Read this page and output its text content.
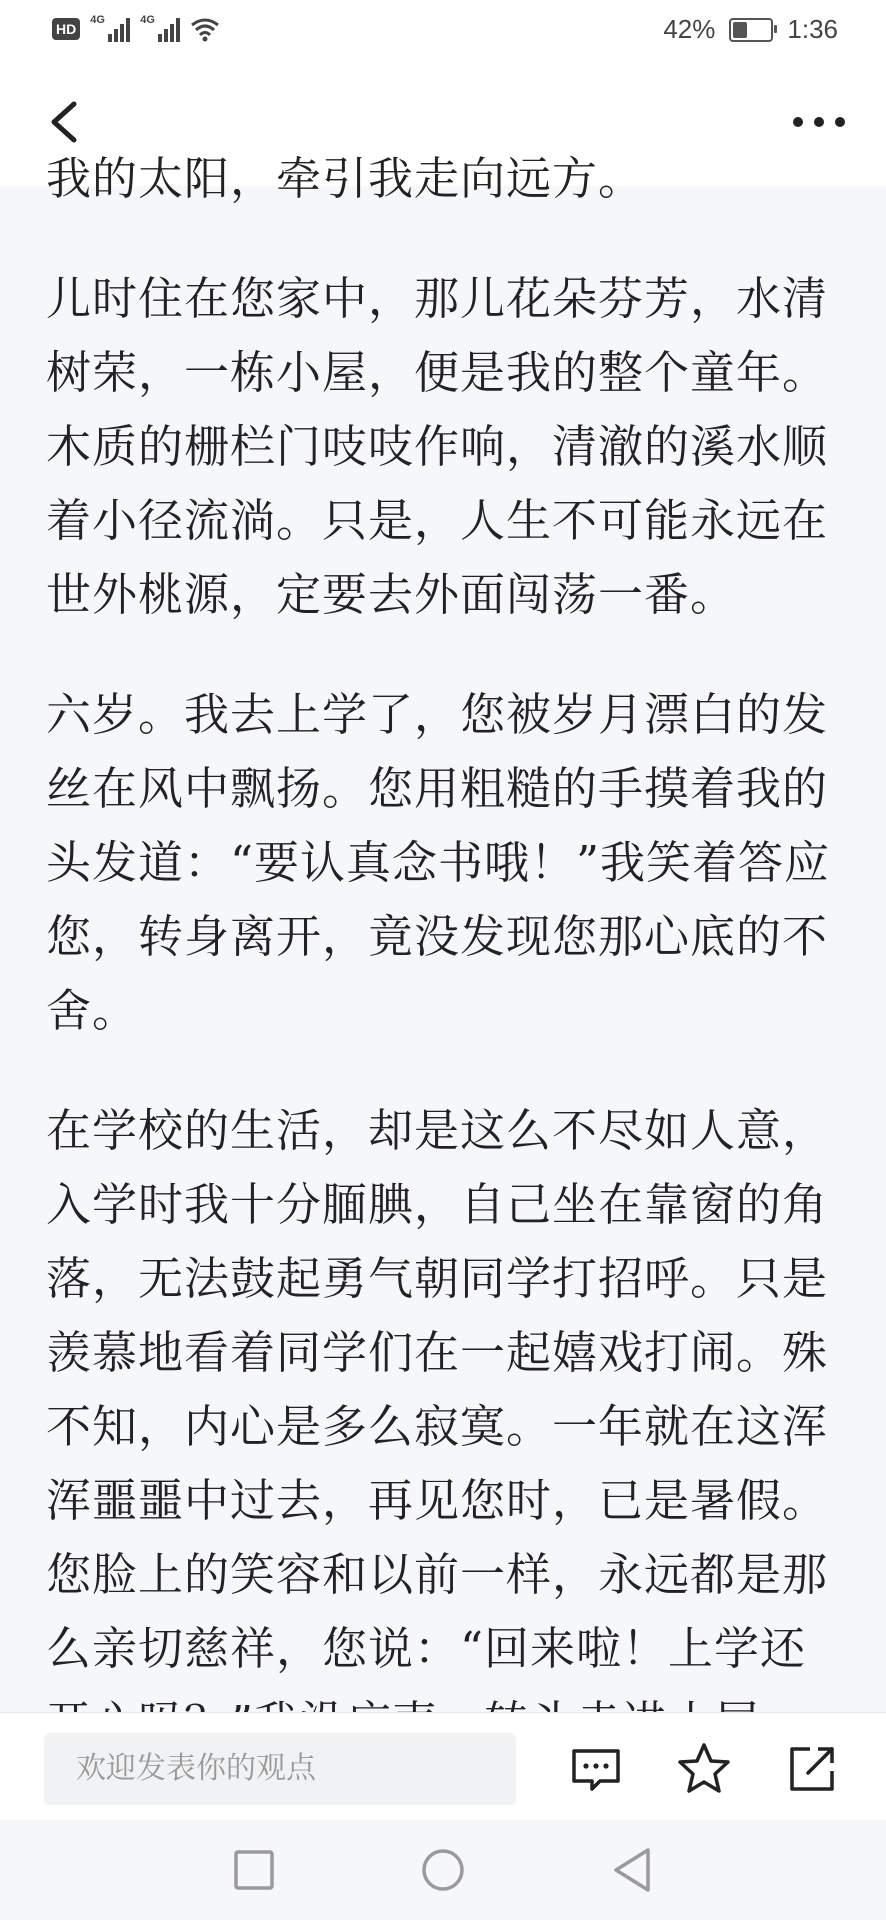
HD
4G	4G	42%	1:36

我的太阳，牵引我走向远方。

儿时住在您家中，那儿花朵芬芳，水清树荣，一栋小屋，便是我的整个童年。木质的栅栏门吱吱作响，清澈的溪水顺着小径流淌。只是，人生不可能永远在世外桃源，定要去外面闯荡一番。

六岁。我去上学了，您被岁月漂白的发丝在风中飘扬。您用粗糙的手摸着我的头发道：“要认真念书哦！”我笑着答应您，转身离开，竟没发现您那心底的不舍。

在学校的生活，却是这么不尽如人意，入学时我十分腼腆，自己坐在靠窗的角落，无法鼓起勇气朝同学打招呼。只是羡慕地看着同学们在一起嬉戏打闹。殊不知，内心是多么寂寞。一年就在这浑浑噩噩中过去，再见您时，已是暑假。您脸上的笑容和以前一样，永远都是那么亲切慈祥，您说：“回来啦！上学还

欢迎发表你的观点
